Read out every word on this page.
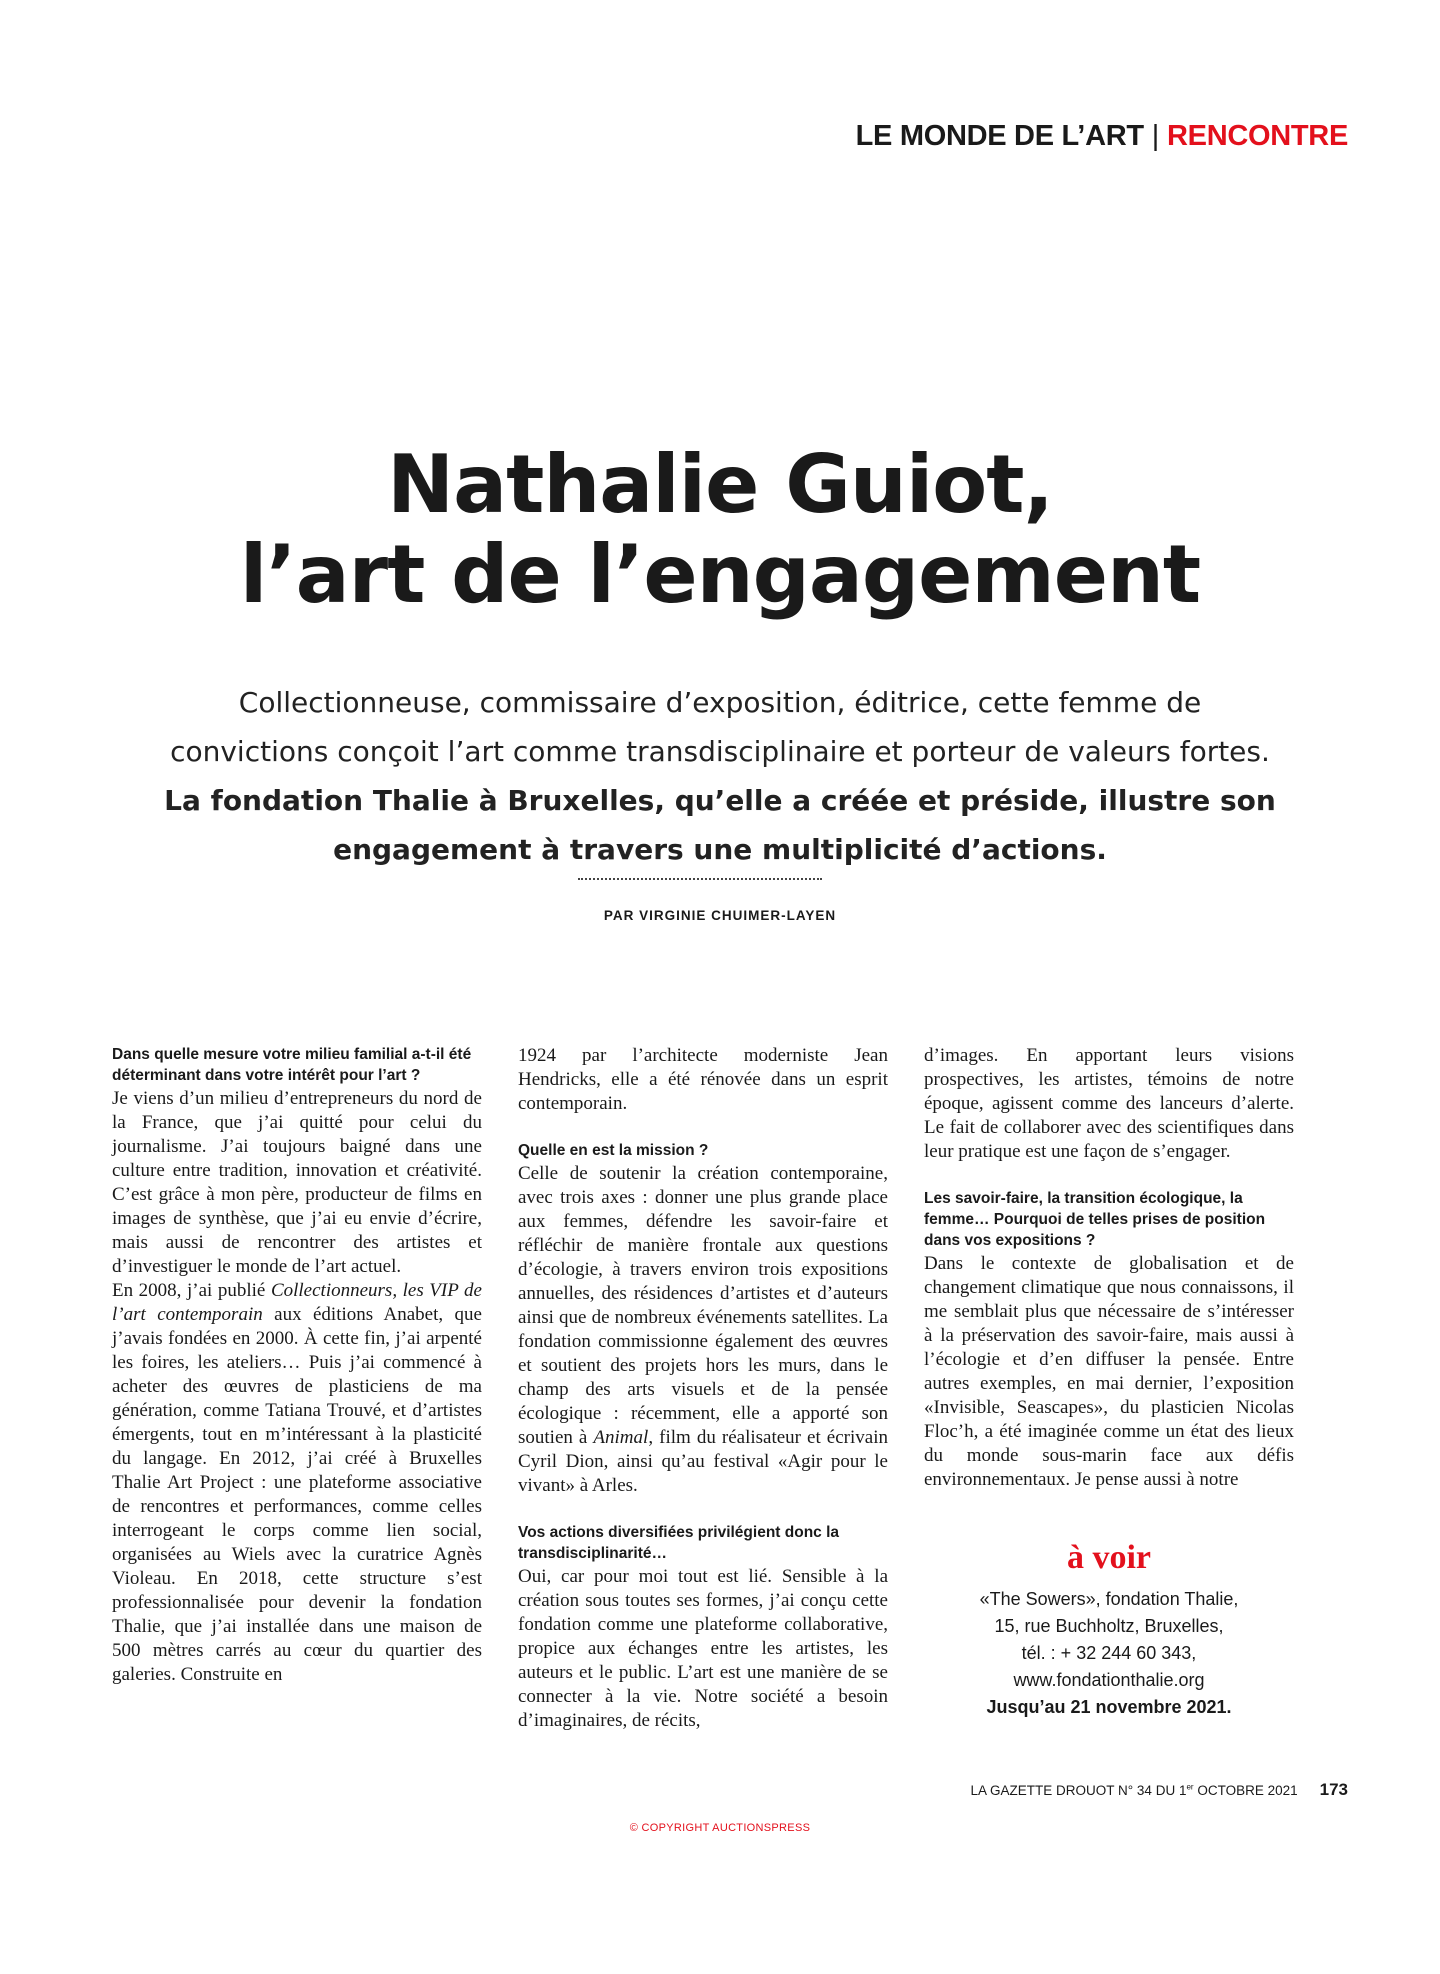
LE MONDE DE L’ART | RENCONTRE
Nathalie Guiot,
l’art de l’engagement
Collectionneuse, commissaire d’exposition, éditrice, cette femme de
convictions conçoit l’art comme transdisciplinaire et porteur de valeurs fortes.
La fondation Thalie à Bruxelles, qu’elle a créée et préside, illustre son
engagement à travers une multiplicité d’actions.
PAR VIRGINIE CHUIMER-LAYEN

Dans quelle mesure votre milieu familial a-t-il été déterminant dans votre intérêt pour l’art ?

Je viens d’un milieu d’entrepreneurs du nord de la France, que j’ai quitté pour celui du journalisme. J’ai toujours baigné dans une culture entre tradition, innovation et créativité. C’est grâce à mon père, producteur de films en images de synthèse, que j’ai eu envie d’écrire, mais aussi de rencontrer des artistes et d’investiguer le monde de l’art actuel.

En 2008, j’ai publié Collectionneurs, les VIP de l’art contemporain aux éditions Anabet, que j’avais fondées en 2000. À cette fin, j’ai arpenté les foires, les ateliers… Puis j’ai commencé à acheter des œuvres de plasticiens de ma génération, comme Tatiana Trouvé, et d’artistes émergents, tout en m’intéressant à la plasticité du langage. En 2012, j’ai créé à Bruxelles Thalie Art Project : une plateforme associative de rencontres et performances, comme celles interrogeant le corps comme lien social, organisées au Wiels avec la curatrice Agnès Violeau. En 2018, cette structure s’est professionnalisée pour devenir la fondation Thalie, que j’ai installée dans une maison de 500 mètres carrés au cœur du quartier des galeries. Construite en

1924 par l’architecte moderniste Jean Hendricks, elle a été rénovée dans un esprit contemporain.

Quelle en est la mission ?

Celle de soutenir la création contemporaine, avec trois axes : donner une plus grande place aux femmes, défendre les savoir-faire et réfléchir de manière frontale aux questions d’écologie, à travers environ trois expositions annuelles, des résidences d’artistes et d’auteurs ainsi que de nombreux événements satellites. La fondation commissionne également des œuvres et soutient des projets hors les murs, dans le champ des arts visuels et de la pensée écologique : récemment, elle a apporté son soutien à Animal, film du réalisateur et écrivain Cyril Dion, ainsi qu’au festival «Agir pour le vivant» à Arles.

Vos actions diversifiées privilégient donc la transdisciplinarité…

Oui, car pour moi tout est lié. Sensible à la création sous toutes ses formes, j’ai conçu cette fondation comme une plateforme collaborative, propice aux échanges entre les artistes, les auteurs et le public. L’art est une manière de se connecter à la vie. Notre société a besoin d’imaginaires, de récits,

d’images. En apportant leurs visions prospectives, les artistes, témoins de notre époque, agissent comme des lanceurs d’alerte. Le fait de collaborer avec des scientifiques dans leur pratique est une façon de s’engager.

Les savoir-faire, la transition écologique, la femme… Pourquoi de telles prises de position dans vos expositions ?

Dans le contexte de globalisation et de changement climatique que nous connaissons, il me semblait plus que nécessaire de s’intéresser à la préservation des savoir-faire, mais aussi à l’écologie et d’en diffuser la pensée. Entre autres exemples, en mai dernier, l’exposition «Invisible, Seascapes», du plasticien Nicolas Floc’h, a été imaginée comme un état des lieux du monde sous-marin face aux défis environnementaux. Je pense aussi à notre

à voir
«The Sowers», fondation Thalie,
15, rue Buchholtz, Bruxelles,
tél. : + 32 244 60 343,
www.fondationthalie.org
Jusqu’au 21 novembre 2021.
LA GAZETTE DROUOT N° 34 DU 1er OCTOBRE 2021 173
© COPYRIGHT AUCTIONSPRESS
